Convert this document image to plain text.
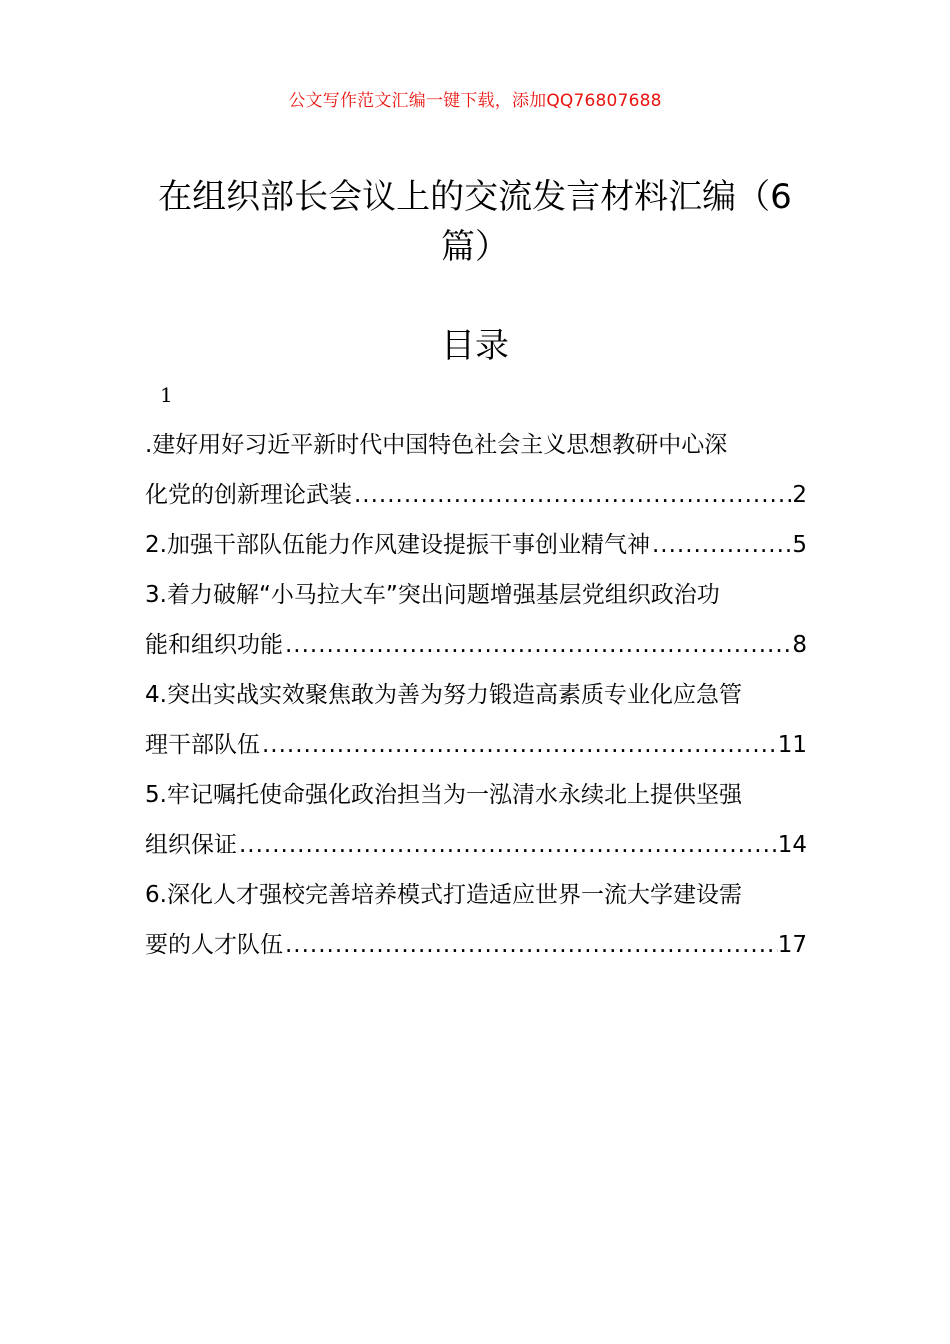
公文写作范文汇编一键下载，添加QQ76807688
在组织部长会议上的交流发言材料汇编（6篇）
目录
1
.建好用好习近平新时代中国特色社会主义思想教研中心深
化党的创新理论武装 .....	2
2.加强干部队伍能力作风建设提振干事创业精气神 .....	5
3.着力破解“小马拉大车”突出问题增强基层党组织政治功
能和组织功能 .....	8
4.突出实战实效聚焦敢为善为努力锻造高素质专业化应急管
理干部队伍 .....	11
5.牢记嘱托使命强化政治担当为一泓清水永续北上提供坚强
组织保证 .....	14
6.深化人才强校完善培养模式打造适应世界一流大学建设需
要的人才队伍 .....	17
